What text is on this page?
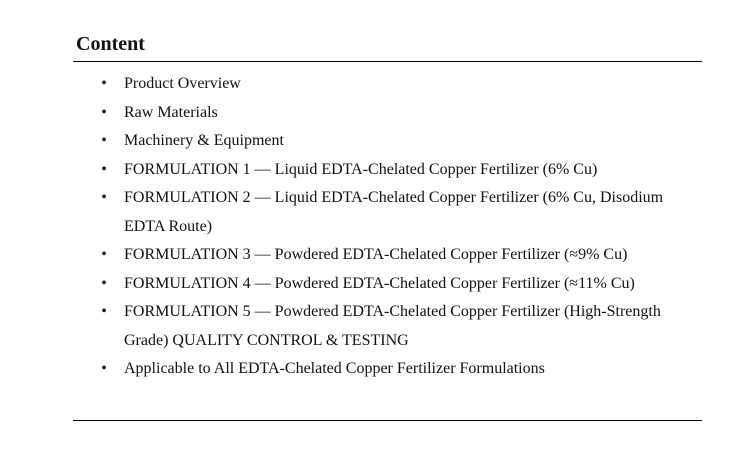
Content
• Product Overview
• Raw Materials
• Machinery & Equipment
• FORMULATION 1 — Liquid EDTA-Chelated Copper Fertilizer (6% Cu)
• FORMULATION 2 — Liquid EDTA-Chelated Copper Fertilizer (6% Cu, Disodium EDTA Route)
• FORMULATION 3 — Powdered EDTA-Chelated Copper Fertilizer (≈9% Cu)
• FORMULATION 4 — Powdered EDTA-Chelated Copper Fertilizer (≈11% Cu)
• FORMULATION 5 — Powdered EDTA-Chelated Copper Fertilizer (High-Strength Grade) QUALITY CONTROL & TESTING
• Applicable to All EDTA-Chelated Copper Fertilizer Formulations
